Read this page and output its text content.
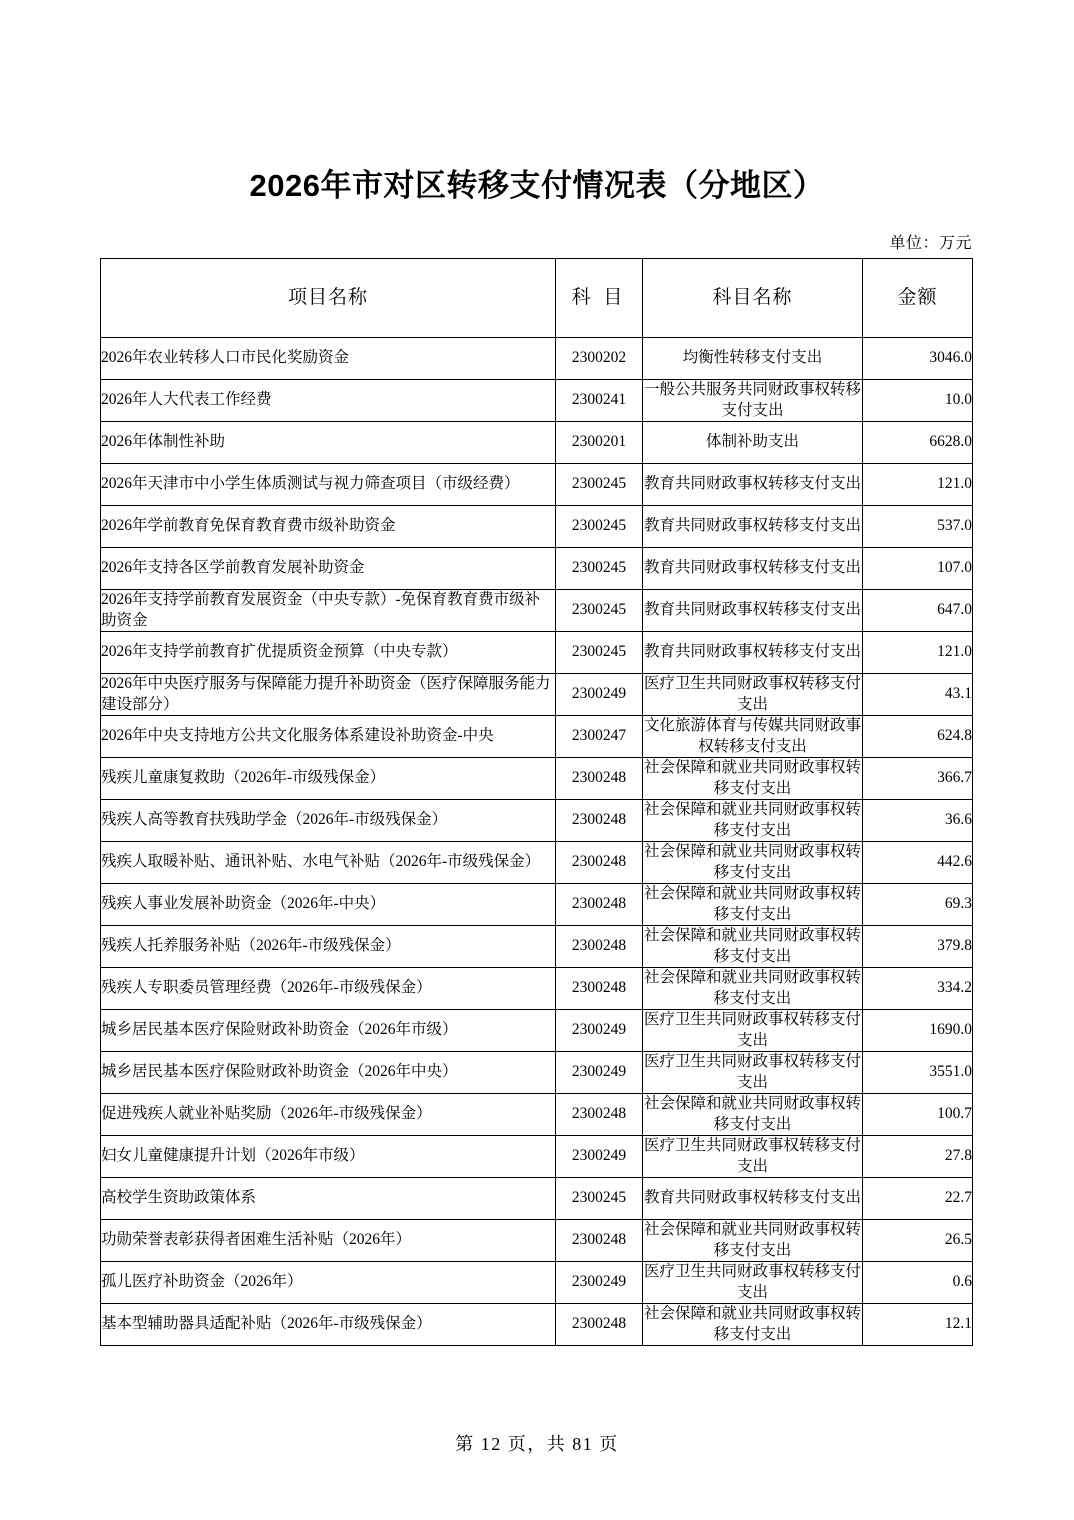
2026年市对区转移支付情况表（分地区）
单位：万元
项目名称	科 目	科目名称	金额
2026年农业转移人口市民化奖励资金	2300202	均衡性转移支付支出	3046.0
2026年人大代表工作经费	2300241	一般公共服务共同财政事权转移支付支出	10.0
2026年体制性补助	2300201	体制补助支出	6628.0
2026年天津市中小学生体质测试与视力筛查项目（市级经费）	2300245	教育共同财政事权转移支付支出	121.0
2026年学前教育免保育教育费市级补助资金	2300245	教育共同财政事权转移支付支出	537.0
2026年支持各区学前教育发展补助资金	2300245	教育共同财政事权转移支付支出	107.0
2026年支持学前教育发展资金（中央专款）-免保育教育费市级补助资金	2300245	教育共同财政事权转移支付支出	647.0
2026年支持学前教育扩优提质资金预算（中央专款）	2300245	教育共同财政事权转移支付支出	121.0
2026年中央医疗服务与保障能力提升补助资金（医疗保障服务能力建设部分）	2300249	医疗卫生共同财政事权转移支付支出	43.1
2026年中央支持地方公共文化服务体系建设补助资金-中央	2300247	文化旅游体育与传媒共同财政事权转移支付支出	624.8
残疾儿童康复救助（2026年-市级残保金）	2300248	社会保障和就业共同财政事权转移支付支出	366.7
残疾人高等教育扶残助学金（2026年-市级残保金）	2300248	社会保障和就业共同财政事权转移支付支出	36.6
残疾人取暖补贴、通讯补贴、水电气补贴（2026年-市级残保金）	2300248	社会保障和就业共同财政事权转移支付支出	442.6
残疾人事业发展补助资金（2026年-中央）	2300248	社会保障和就业共同财政事权转移支付支出	69.3
残疾人托养服务补贴（2026年-市级残保金）	2300248	社会保障和就业共同财政事权转移支付支出	379.8
残疾人专职委员管理经费（2026年-市级残保金）	2300248	社会保障和就业共同财政事权转移支付支出	334.2
城乡居民基本医疗保险财政补助资金（2026年市级）	2300249	医疗卫生共同财政事权转移支付支出	1690.0
城乡居民基本医疗保险财政补助资金（2026年中央）	2300249	医疗卫生共同财政事权转移支付支出	3551.0
促进残疾人就业补贴奖励（2026年-市级残保金）	2300248	社会保障和就业共同财政事权转移支付支出	100.7
妇女儿童健康提升计划（2026年市级）	2300249	医疗卫生共同财政事权转移支付支出	27.8
高校学生资助政策体系	2300245	教育共同财政事权转移支付支出	22.7
功勋荣誉表彰获得者困难生活补贴（2026年）	2300248	社会保障和就业共同财政事权转移支付支出	26.5
孤儿医疗补助资金（2026年）	2300249	医疗卫生共同财政事权转移支付支出	0.6
基本型辅助器具适配补贴（2026年-市级残保金）	2300248	社会保障和就业共同财政事权转移支付支出	12.1
第 12 页，共 81 页
